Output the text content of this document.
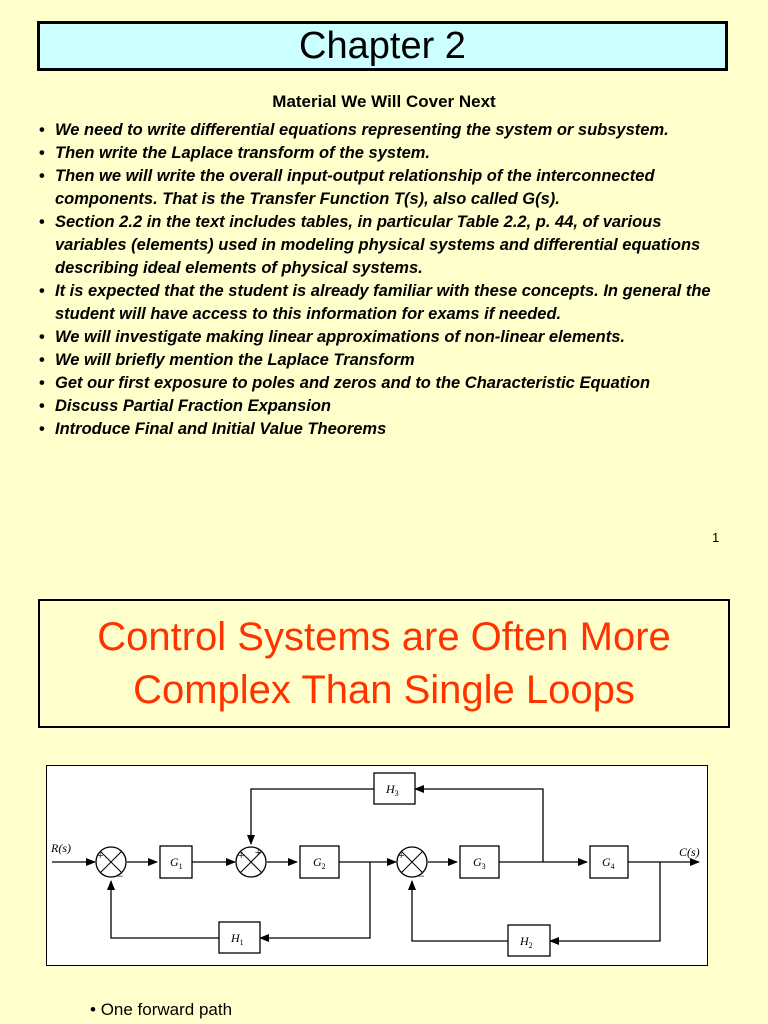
Chapter 2
Material We Will Cover Next
• We need to write differential equations representing the system or subsystem.
• Then write the Laplace transform of the system.
• Then we will write the overall input-output relationship of the interconnected components. That is the Transfer Function T(s), also called G(s).
• Section 2.2 in the text includes tables, in particular Table 2.2, p. 44, of various variables (elements) used in modeling physical systems and differential equations describing ideal elements of physical systems.
• It is expected that the student is already familiar with these concepts. In general the student will have access to this information for exams if needed.
• We will investigate making linear approximations of non-linear elements.
• We will briefly mention the Laplace Transform
• Get our first exposure to poles and zeros and to the Characteristic Equation
• Discuss Partial Fraction Expansion
• Introduce Final and Initial Value Theorems
1
Control Systems are Often More
Complex Than Single Loops
$G_1$	$G_2$	$G_3$	$G_4$
$H_1$	$H_2$
$H_3$
R(s)	C(s)
+
−
+ +	+
−
• One forward path
